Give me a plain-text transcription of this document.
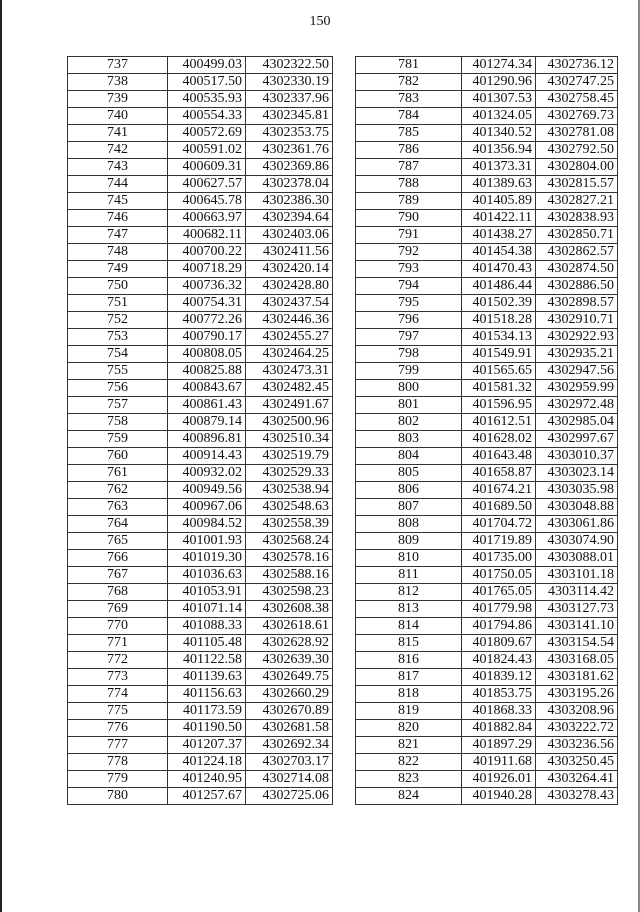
150
737	400499.03	4302322.50
738	400517.50	4302330.19
739	400535.93	4302337.96
740	400554.33	4302345.81
741	400572.69	4302353.75
742	400591.02	4302361.76
743	400609.31	4302369.86
744	400627.57	4302378.04
745	400645.78	4302386.30
746	400663.97	4302394.64
747	400682.11	4302403.06
748	400700.22	4302411.56
749	400718.29	4302420.14
750	400736.32	4302428.80
751	400754.31	4302437.54
752	400772.26	4302446.36
753	400790.17	4302455.27
754	400808.05	4302464.25
755	400825.88	4302473.31
756	400843.67	4302482.45
757	400861.43	4302491.67
758	400879.14	4302500.96
759	400896.81	4302510.34
760	400914.43	4302519.79
761	400932.02	4302529.33
762	400949.56	4302538.94
763	400967.06	4302548.63
764	400984.52	4302558.39
765	401001.93	4302568.24
766	401019.30	4302578.16
767	401036.63	4302588.16
768	401053.91	4302598.23
769	401071.14	4302608.38
770	401088.33	4302618.61
771	401105.48	4302628.92
772	401122.58	4302639.30
773	401139.63	4302649.75
774	401156.63	4302660.29
775	401173.59	4302670.89
776	401190.50	4302681.58
777	401207.37	4302692.34
778	401224.18	4302703.17
779	401240.95	4302714.08
780	401257.67	4302725.06
781	401274.34	4302736.12
782	401290.96	4302747.25
783	401307.53	4302758.45
784	401324.05	4302769.73
785	401340.52	4302781.08
786	401356.94	4302792.50
787	401373.31	4302804.00
788	401389.63	4302815.57
789	401405.89	4302827.21
790	401422.11	4302838.93
791	401438.27	4302850.71
792	401454.38	4302862.57
793	401470.43	4302874.50
794	401486.44	4302886.50
795	401502.39	4302898.57
796	401518.28	4302910.71
797	401534.13	4302922.93
798	401549.91	4302935.21
799	401565.65	4302947.56
800	401581.32	4302959.99
801	401596.95	4302972.48
802	401612.51	4302985.04
803	401628.02	4302997.67
804	401643.48	4303010.37
805	401658.87	4303023.14
806	401674.21	4303035.98
807	401689.50	4303048.88
808	401704.72	4303061.86
809	401719.89	4303074.90
810	401735.00	4303088.01
811	401750.05	4303101.18
812	401765.05	4303114.42
813	401779.98	4303127.73
814	401794.86	4303141.10
815	401809.67	4303154.54
816	401824.43	4303168.05
817	401839.12	4303181.62
818	401853.75	4303195.26
819	401868.33	4303208.96
820	401882.84	4303222.72
821	401897.29	4303236.56
822	401911.68	4303250.45
823	401926.01	4303264.41
824	401940.28	4303278.43
